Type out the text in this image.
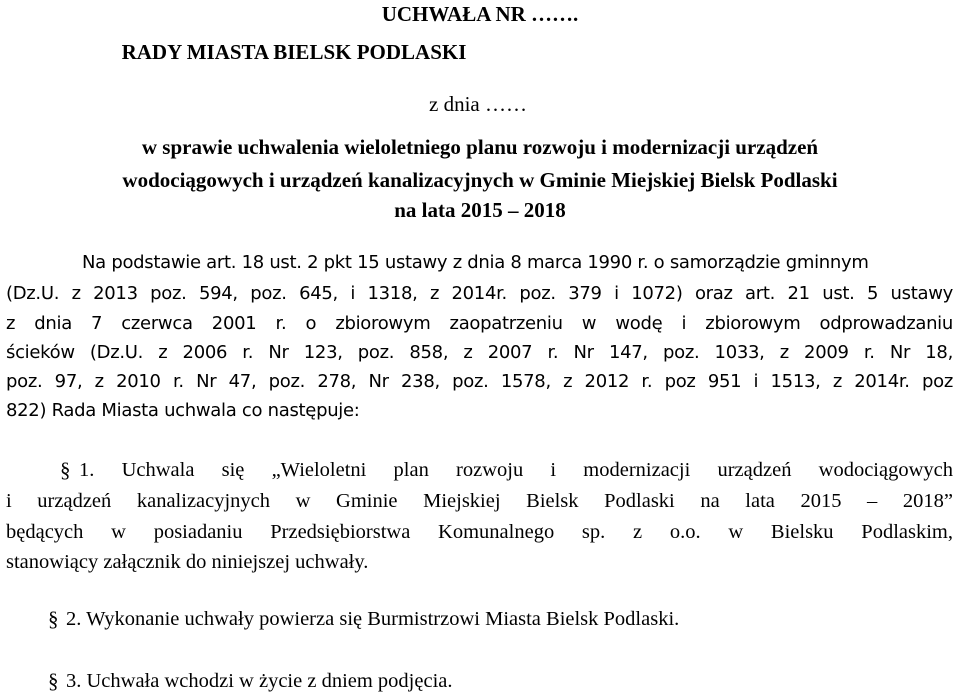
UCHWAŁA NR …….
RADY MIASTA BIELSK PODLASKI
z dnia ……
w sprawie uchwalenia wieloletniego planu rozwoju i modernizacji urządzeń
wodociągowych i urządzeń kanalizacyjnych w Gminie Miejskiej Bielsk Podlaski
na lata 2015 – 2018
Na podstawie art. 18 ust. 2 pkt 15 ustawy z dnia 8 marca 1990 r. o samorządzie gminnym
(Dz.U. z 2013 poz. 594, poz. 645, i 1318, z 2014r. poz. 379 i 1072) oraz art. 21 ust. 5 ustawy
z dnia 7 czerwca 2001 r. o zbiorowym zaopatrzeniu w wodę i zbiorowym odprowadzaniu
ścieków (Dz.U. z 2006 r. Nr 123, poz. 858, z 2007 r. Nr 147, poz. 1033, z 2009 r. Nr 18,
poz. 97, z 2010 r. Nr 47, poz. 278, Nr 238, poz. 1578, z 2012 r. poz 951 i 1513, z 2014r. poz
822) Rada Miasta uchwala co następuje:
§ 1. Uchwala się „Wieloletni plan rozwoju i modernizacji urządzeń wodociągowych
i urządzeń kanalizacyjnych w Gminie Miejskiej Bielsk Podlaski na lata 2015 – 2018”
będących w posiadaniu Przedsiębiorstwa Komunalnego sp. z o.o. w Bielsku Podlaskim,
stanowiący załącznik do niniejszej uchwały.
§ 2. Wykonanie uchwały powierza się Burmistrzowi Miasta Bielsk Podlaski.
§ 3. Uchwała wchodzi w życie z dniem podjęcia.
